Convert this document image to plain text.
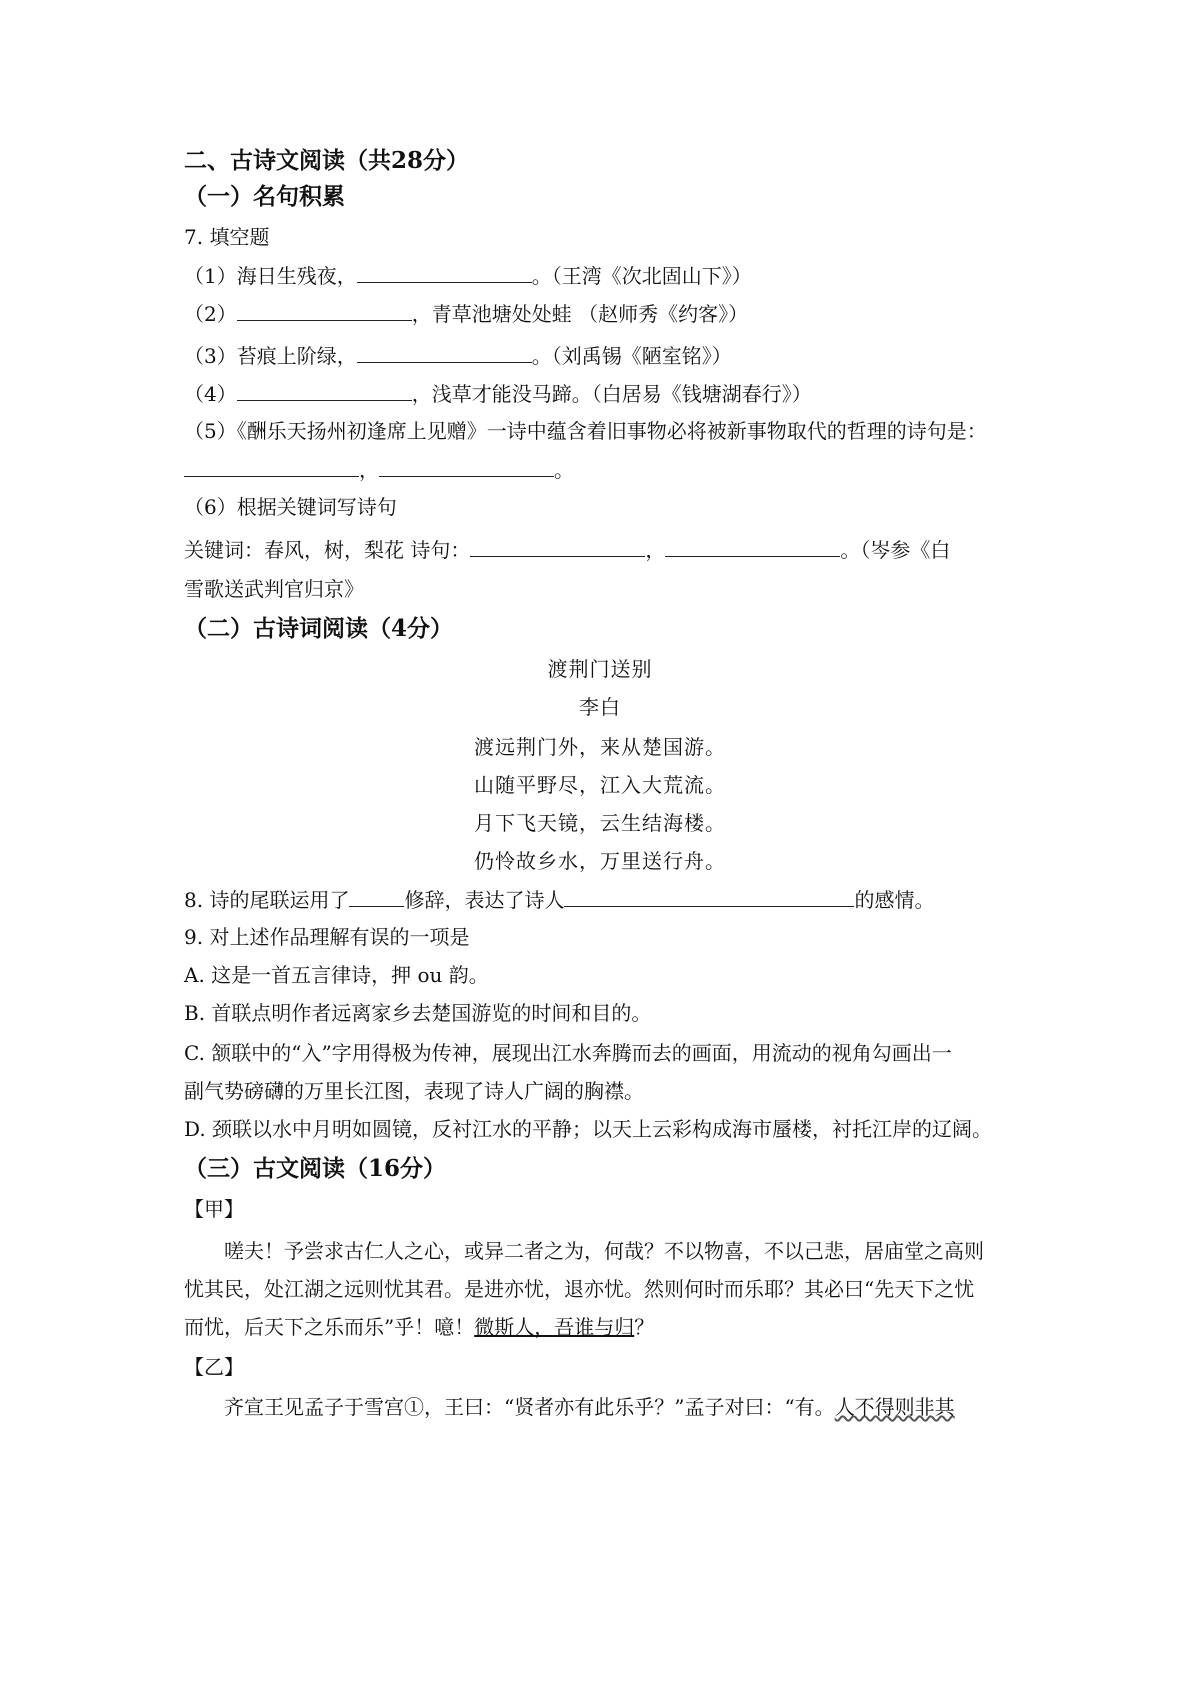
二、古诗文阅读（共28分）
（一）名句积累
7. 填空题
（1）海日生残夜，	。（王湾《次北固山下》）
（2）	，青草池塘处处蛙 （赵师秀《约客》）
（3）苔痕上阶绿，	。（刘禹锡《陋室铭》）
（4）	，浅草才能没马蹄。（白居易《钱塘湖春行》）
（5）《酬乐天扬州初逢席上见赠》一诗中蕴含着旧事物必将被新事物取代的哲理的诗句是：
，	。
（6）根据关键词写诗句
关键词：春风，树，梨花 诗句：	，	。（岑参《白
雪歌送武判官归京》
（二）古诗词阅读（4分）
渡荆门送别
李白
渡远荆门外，来从楚国游。
山随平野尽，江入大荒流。
月下飞天镜，云生结海楼。
仍怜故乡水，万里送行舟。
8. 诗的尾联运用了	修辞，表达了诗人	的感情。
9. 对上述作品理解有误的一项是
A. 这是一首五言律诗，押 ou 韵。
B. 首联点明作者远离家乡去楚国游览的时间和目的。
C. 颔联中的“入”字用得极为传神，展现出江水奔腾而去的画面，用流动的视角勾画出一
副气势磅礴的万里长江图，表现了诗人广阔的胸襟。
D. 颈联以水中月明如圆镜，反衬江水的平静；以天上云彩构成海市蜃楼，衬托江岸的辽阔。
（三）古文阅读（16分）
【甲】
嗟夫！予尝求古仁人之心，或异二者之为，何哉？不以物喜，不以己悲，居庙堂之高则
忧其民，处江湖之远则忧其君。是进亦忧，退亦忧。然则何时而乐耶？其必曰“先天下之忧
而忧，后天下之乐而乐”乎！噫！微斯人，吾谁与归？
【乙】
齐宣王见孟子于雪宫①，王曰：“贤者亦有此乐乎？”孟子对曰：“有。人不得则非其
